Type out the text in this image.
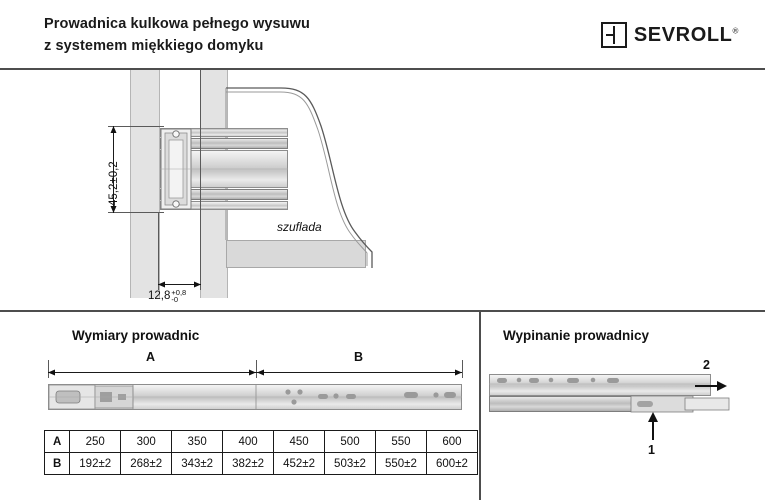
Prowadnica kulkowa pełnego wysuwu
z systemem miękkiego domyku
SEVROLL®
45,2±0,2
12,8+0,8
-0
szuflada
Wymiary prowadnic
A	B
A	250	300	350	400	450	500	550	600
B	192±2	268±2	343±2	382±2	452±2	503±2	550±2	600±2
Wypinanie prowadnicy
2
1
